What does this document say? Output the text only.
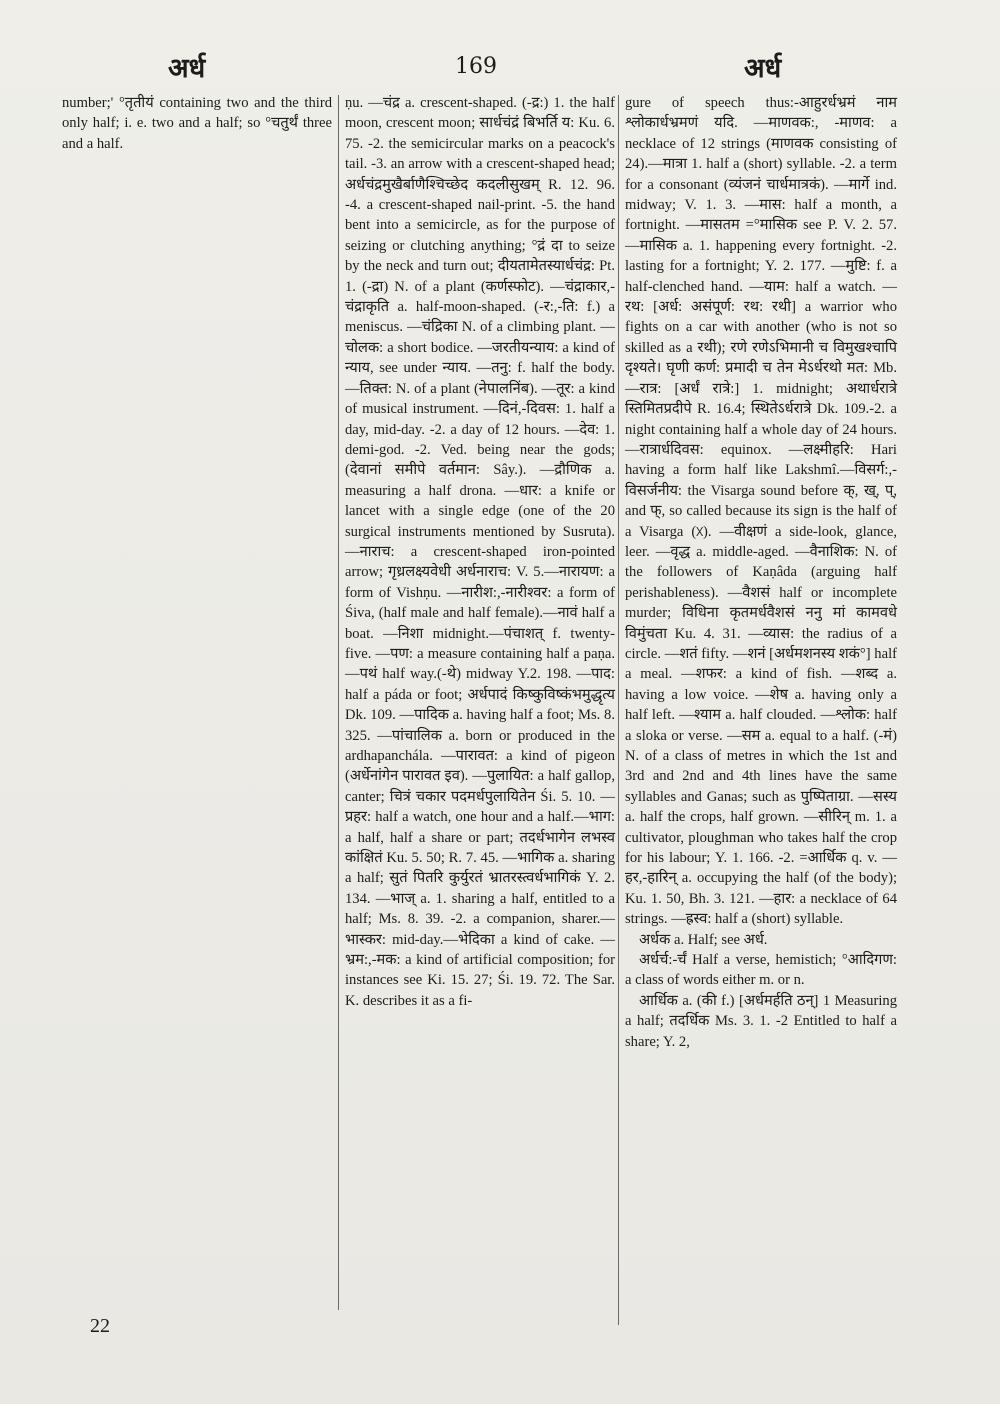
अर्ध	169	अर्ध

number;' °तृतीयं containing two and the third only half; i. e. two and a half; so °चतुर्थं three and a half.

ṇu. —चंद्र a. crescent-shaped. (-द्र:) 1. the half moon, crescent moon; सार्धचंद्रं बिभर्ति य: Ku. 6. 75. -2. the semicircular marks on a peacock's tail. -3. an arrow with a crescent-shaped head; अर्धचंद्रमुखैर्बाणैश्चिच्छेद कदलीसुखम् R. 12. 96. -4. a crescent-shaped nail-print. -5. the hand bent into a semicircle, as for the purpose of seizing or clutching anything; °द्रं दा to seize by the neck and turn out; दीयतामेतस्यार्धचंद्र: Pt. 1. (-द्रा) N. of a plant (कर्णस्फोट). —चंद्राकार,-चंद्राकृति a. half-moon-shaped. (-र:,-ति: f.) a meniscus. —चंद्रिका N. of a climbing plant. —चोलक: a short bodice. —जरतीयन्याय: a kind of न्याय, see under न्याय. —तनु: f. half the body. —तिक्त: N. of a plant (नेपालनिंब). —तूर: a kind of musical instrument. —दिनं,-दिवस: 1. half a day, mid-day. -2. a day of 12 hours. —देव: 1. demi-god. -2. Ved. being near the gods; (देवानां समीपे वर्तमान: Sây.). —द्रौणिक a. measuring a half drona. —धार: a knife or lancet with a single edge (one of the 20 surgical instruments mentioned by Susruta). —नाराच: a crescent-shaped iron-pointed arrow; गृध्रलक्ष्यवेधी अर्धनाराच: V. 5.—नारायण: a form of Vishṇu. —नारीश:,-नारीश्वर: a form of Śiva, (half male and half female).—नावं half a boat. —निशा midnight.—पंचाशत् f. twenty-five. —पण: a measure containing half a paṇa. —पथं half way.(-थे) midway Y.2. 198. —पाद: half a páda or foot; अर्धपादं किष्कुविष्कंभमुद्धृत्य Dk. 109. —पादिक a. having half a foot; Ms. 8. 325. —पांचालिक a. born or produced in the ardhapanchála. —पारावत: a kind of pigeon (अर्धेनांगेन पारावत इव). —पुलायित: a half gallop, canter; चित्रं चकार पदमर्धपुलायितेन Śi. 5. 10. —प्रहर: half a watch, one hour and a half.—भाग: a half, half a share or part; तदर्धभागेन लभस्व कांक्षितं Ku. 5. 50; R. 7. 45. —भागिक a. sharing a half; सुतं पितरि कुर्युरतं भ्रातरस्त्वर्धभागिकं Y. 2. 134. —भाज् a. 1. sharing a half, entitled to a half; Ms. 8. 39. -2. a companion, sharer.—भास्कर: mid-day.—भेदिका a kind of cake. —भ्रम:,-मक: a kind of artificial composition; for instances see Ki. 15. 27; Śi. 19. 72. The Sar. K. describes it as a fi-

gure of speech thus:-आहुरर्धभ्रमं नाम श्लोकार्धभ्रमणं यदि. —माणवक:, -माणव: a necklace of 12 strings (माणवक consisting of 24).—मात्रा 1. half a (short) syllable. -2. a term for a consonant (व्यंजनं चार्धमात्रकं). —मार्गे ind. midway; V. 1. 3. —मास: half a month, a fortnight. —मासतम =°मासिक see P. V. 2. 57. —मासिक a. 1. happening every fortnight. -2. lasting for a fortnight; Y. 2. 177. —मुष्टि: f. a half-clenched hand. —याम: half a watch. —रथ: [अर्ध: असंपूर्ण: रथ: रथी] a warrior who fights on a car with another (who is not so skilled as a रथी); रणे रणेऽभिमानी च विमुखश्चापि दृश्यते। घृणी कर्ण: प्रमादी च तेन मेऽर्धरथो मत: Mb. —रात्र: [अर्धं रात्रे:] 1. midnight; अथार्धरात्रे स्तिमितप्रदीपे R. 16.4; स्थितेऽर्धरात्रे Dk. 109.-2. a night containing half a whole day of 24 hours. —रात्रार्धदिवस: equinox. —लक्ष्मीहरि: Hari having a form half like Lakshmî.—विसर्ग:,-विसर्जनीय: the Visarga sound before क्, ख्, प्, and फ्, so called because its sign is the half of a Visarga (ᳵ). —वीक्षणं a side-look, glance, leer. —वृद्ध a. middle-aged. —वैनाशिक: N. of the followers of Kaṇâda (arguing half perishableness). —वैशसं half or incomplete murder; विधिना कृतमर्धवैशसं ननु मां कामवधे विमुंचता Ku. 4. 31. —व्यास: the radius of a circle. —शतं fifty. —शनं [अर्धमशनस्य शकं°] half a meal. —शफर: a kind of fish. —शब्द a. having a low voice. —शेष a. having only a half left. —श्याम a. half clouded. —श्लोक: half a sloka or verse. —सम a. equal to a half. (-मं) N. of a class of metres in which the 1st and 3rd and 2nd and 4th lines have the same syllables and Ganas; such as पुष्पिताग्रा. —सस्य a. half the crops, half grown. —सीरिन् m. 1. a cultivator, ploughman who takes half the crop for his labour; Y. 1. 166. -2. =आर्धिक q. v. —हर,-हारिन् a. occupying the half (of the body); Ku. 1. 50, Bh. 3. 121. —हार: a necklace of 64 strings. —ह्रस्व: half a (short) syllable.

अर्धक a. Half; see अर्ध.

अर्धर्च:-र्चं Half a verse, hemistich; °आदिगण: a class of words either m. or n.

आर्धिक a. (की f.) [अर्धमर्हति ठन्] 1 Measuring a half; तदर्धिक Ms. 3. 1. -2 Entitled to half a share; Y. 2,

22
